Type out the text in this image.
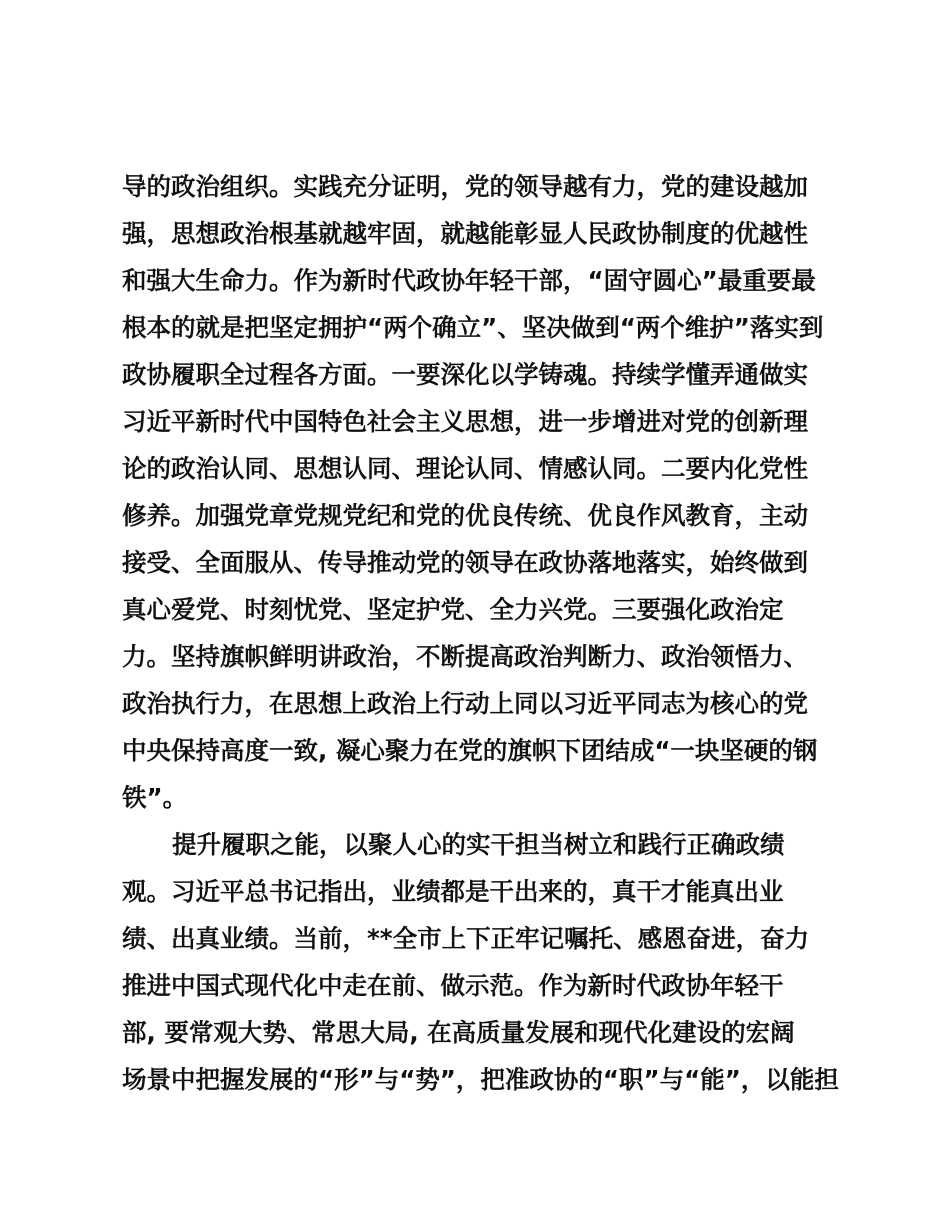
导的政治组织。实践充分证明，党的领导越有力，党的建设越加
强，思想政治根基就越牢固，就越能彰显人民政协制度的优越性
和强大生命力。作为新时代政协年轻干部，“固守圆心”最重要最
根本的就是把坚定拥护“两个确立”、坚决做到“两个维护”落实到
政协履职全过程各方面。一要深化以学铸魂。持续学懂弄通做实
习近平新时代中国特色社会主义思想，进一步增进对党的创新理
论的政治认同、思想认同、理论认同、情感认同。二要内化党性
修养。加强党章党规党纪和党的优良传统、优良作风教育，主动
接受、全面服从、传导推动党的领导在政协落地落实，始终做到
真心爱党、时刻忧党、坚定护党、全力兴党。三要强化政治定
力。坚持旗帜鲜明讲政治，不断提高政治判断力、政治领悟力、
政治执行力，在思想上政治上行动上同以习近平同志为核心的党
中央保持高度一致, 凝心聚力在党的旗帜下团结成“一块坚硬的钢
铁”。
提升履职之能，以聚人心的实干担当树立和践行正确政绩
观。习近平总书记指出，业绩都是干出来的，真干才能真出业
绩、出真业绩。当前，**全市上下正牢记嘱托、感恩奋进，奋力
推进中国式现代化中走在前、做示范。作为新时代政协年轻干
部, 要常观大势、常思大局, 在高质量发展和现代化建设的宏阔
场景中把握发展的“形”与“势”，把准政协的“职”与“能”，以能担
